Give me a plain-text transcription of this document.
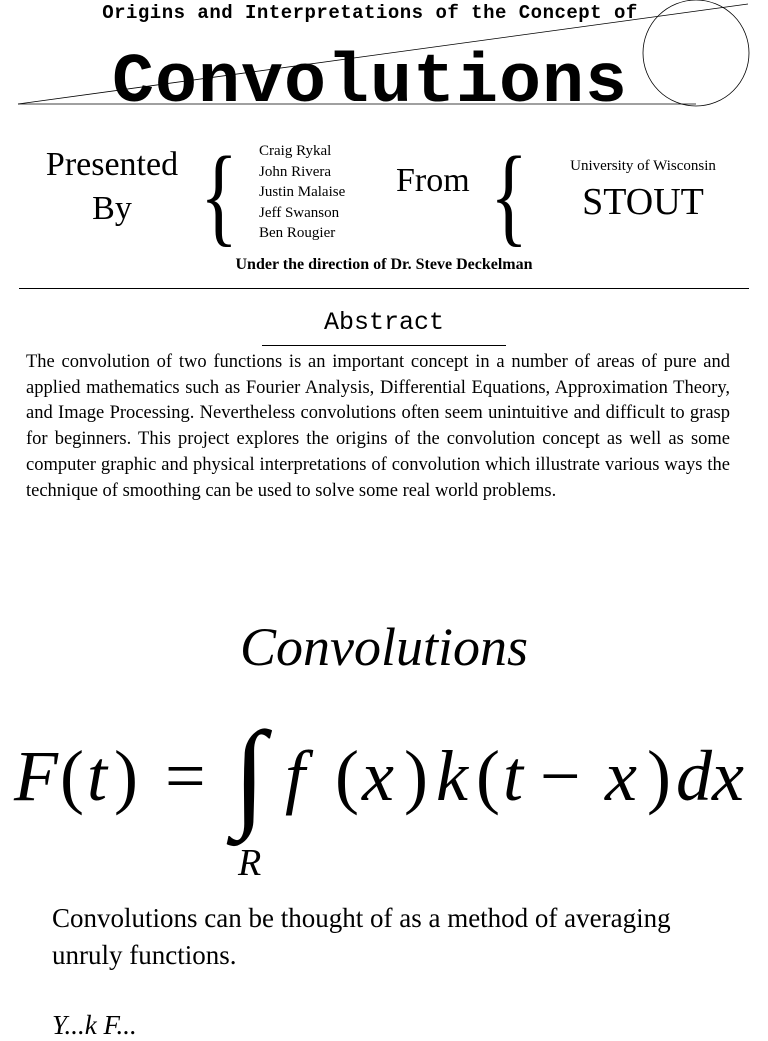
Origins and Interpretations of the Concept of
Convolutions
Presented By { Craig Rykal
John Rivera
Justin Malaise
Jeff Swanson
Ben Rougier
From {	University of Wisconsin
STOUT
Under the direction of Dr. Steve Deckelman
Abstract
The convolution of two functions is an important concept in a number of areas of pure and applied mathematics such as Fourier Analysis, Differential Equations, Approximation Theory, and Image Processing. Nevertheless convolutions often seem unintuitive and difficult to grasp for beginners. This project explores the origins of the convolution concept as well as some computer graphic and physical interpretations of convolution which illustrate various ways the technique of smoothing can be used to solve some real world problems.
Convolutions
F ( t ) = ∫
R
f ( x ) k ( t − x ) dx
Convolutions can be thought of as a method of averaging unruly functions.
Y...k F...
